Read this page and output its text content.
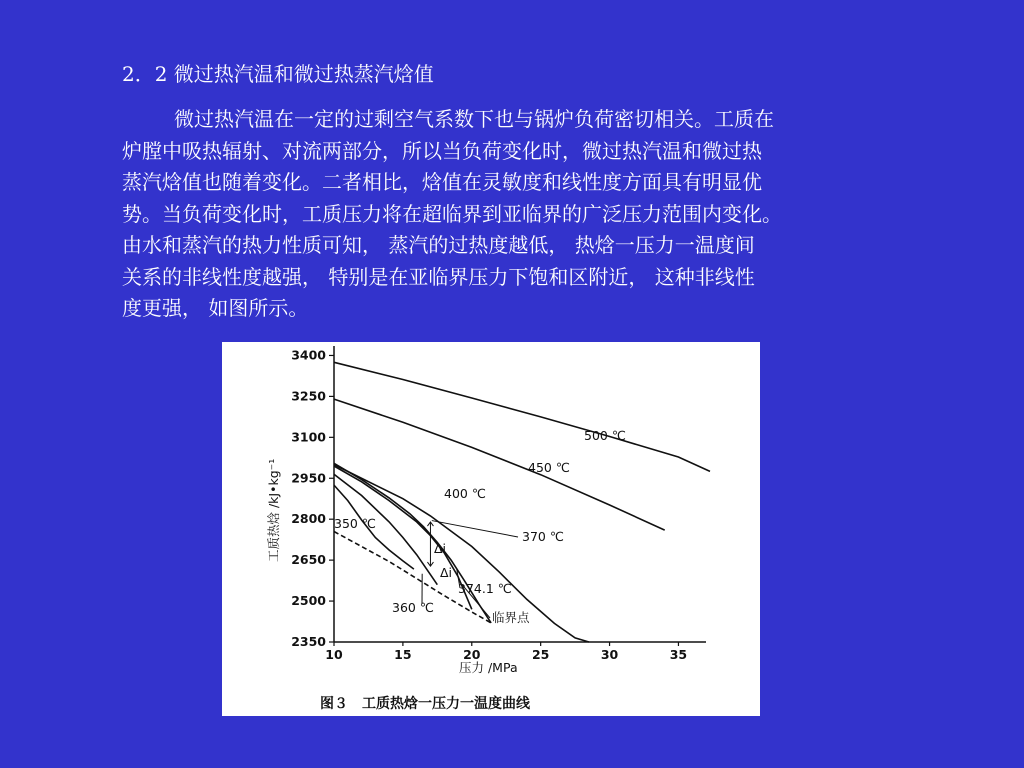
2．2 微过热汽温和微过热蒸汽焓值
微过热汽温在一定的过剩空气系数下也与锅炉负荷密切相关。工质在
炉膛中吸热辐射、对流两部分，所以当负荷变化时，微过热汽温和微过热
蒸汽焓值也随着变化。二者相比，焓值在灵敏度和线性度方面具有明显优
势。当负荷变化时，工质压力将在超临界到亚临界的广泛压力范围内变化。
由水和蒸汽的热力性质可知， 蒸汽的过热度越低， 热焓一压力一温度间
关系的非线性度越强， 特别是在亚临界压力下饱和区附近， 这种非线性
度更强， 如图所示。
2350
2500
2650
2800
2950
3100
3250
3400
10	15	20	25	30	35
500 ℃
450 ℃
400 ℃
370 ℃
374.1 ℃
360 ℃
350 ℃
临界点
Δi
Δi
压力 /MPa
工质热焓 /kJ•kg⁻¹
图３　工质热焓一压力一温度曲线
